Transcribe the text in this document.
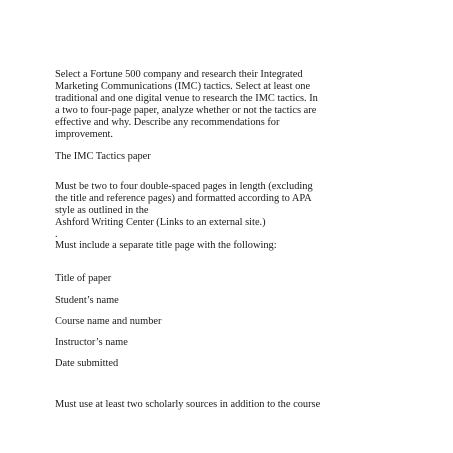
Select a Fortune 500 company and research their Integrated
Marketing Communications (IMC) tactics. Select at least one
traditional and one digital venue to research the IMC tactics. In
a two to four-page paper, analyze whether or not the tactics are
effective and why. Describe any recommendations for
improvement.

The IMC Tactics paper

Must be two to four double-spaced pages in length (excluding
the title and reference pages) and formatted according to APA
style as outlined in the
Ashford Writing Center (Links to an external site.)
.

Must include a separate title page with the following:

Title of paper

Student’s name

Course name and number

Instructor’s name

Date submitted

Must use at least two scholarly sources in addition to the course
